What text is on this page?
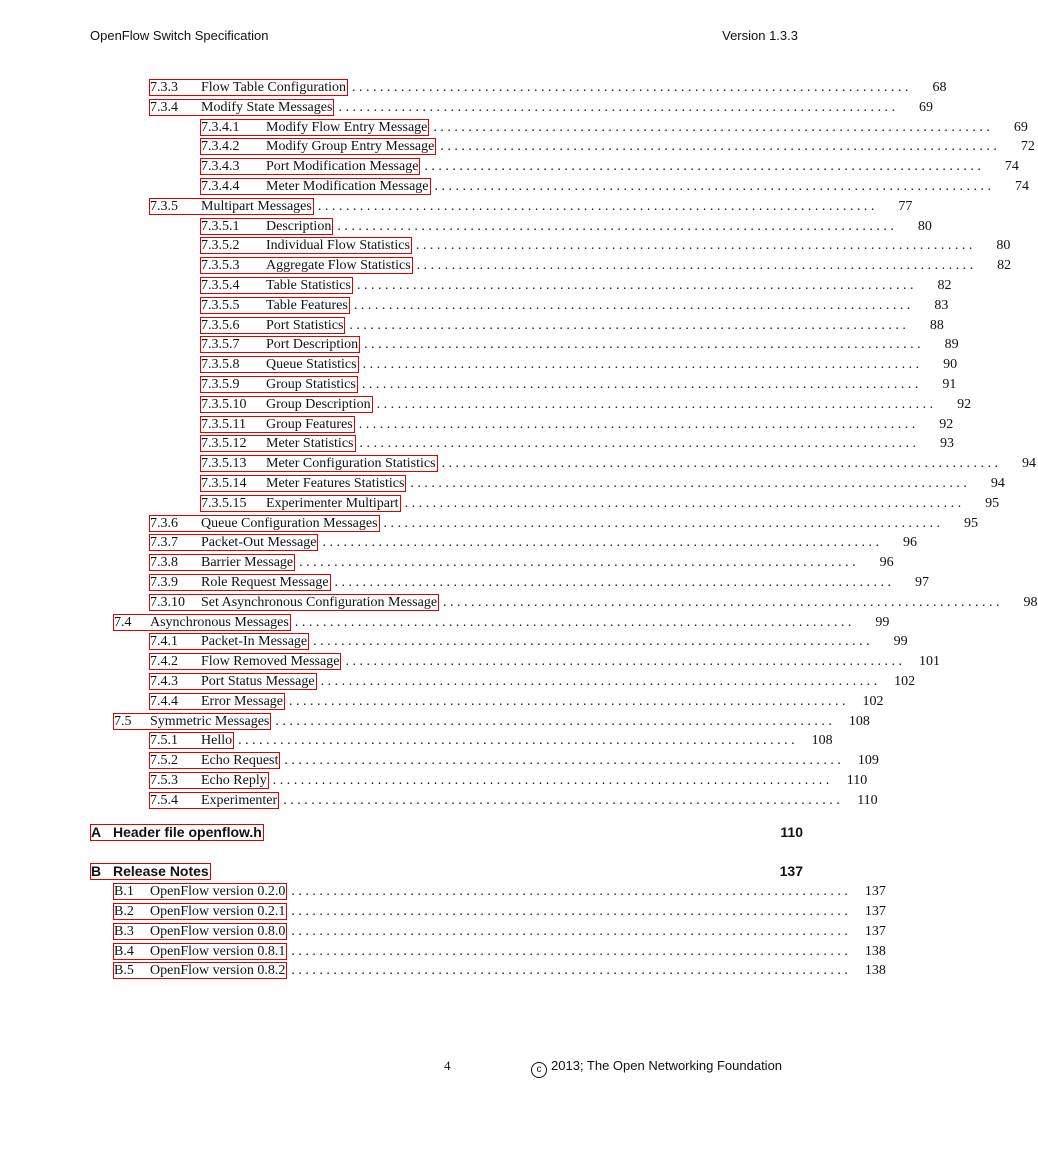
OpenFlow Switch Specification	Version 1.3.3
7.3.3	Flow Table Configuration . . . . . . . . . . . . . . . . . . . . . . . . . . . . . . . . . . . . . . . . . . . . . . . . . . . . . . . . . . . . . . . . . . . . . . . . . . . . . . . .	68
7.3.4	Modify State Messages . . . . . . . . . . . . . . . . . . . . . . . . . . . . . . . . . . . . . . . . . . . . . . . . . . . . . . . . . . . . . . . . . . . . . . . . . . . . . . . .	69
7.3.4.1	Modify Flow Entry Message . . . . . . . . . . . . . . . . . . . . . . . . . . . . . . . . . . . . . . . . . . . . . . . . . . . . . . . . . . . . . . . . . . . . . . . . . . . . . . . .	69
7.3.4.2	Modify Group Entry Message . . . . . . . . . . . . . . . . . . . . . . . . . . . . . . . . . . . . . . . . . . . . . . . . . . . . . . . . . . . . . . . . . . . . . . . . . . . . . . . .	72
7.3.4.3	Port Modification Message . . . . . . . . . . . . . . . . . . . . . . . . . . . . . . . . . . . . . . . . . . . . . . . . . . . . . . . . . . . . . . . . . . . . . . . . . . . . . . . .	74
7.3.4.4	Meter Modification Message . . . . . . . . . . . . . . . . . . . . . . . . . . . . . . . . . . . . . . . . . . . . . . . . . . . . . . . . . . . . . . . . . . . . . . . . . . . . . . . .	74
7.3.5	Multipart Messages . . . . . . . . . . . . . . . . . . . . . . . . . . . . . . . . . . . . . . . . . . . . . . . . . . . . . . . . . . . . . . . . . . . . . . . . . . . . . . . .	77
7.3.5.1	Description . . . . . . . . . . . . . . . . . . . . . . . . . . . . . . . . . . . . . . . . . . . . . . . . . . . . . . . . . . . . . . . . . . . . . . . . . . . . . . . .	80
7.3.5.2	Individual Flow Statistics . . . . . . . . . . . . . . . . . . . . . . . . . . . . . . . . . . . . . . . . . . . . . . . . . . . . . . . . . . . . . . . . . . . . . . . . . . . . . . . .	80
7.3.5.3	Aggregate Flow Statistics . . . . . . . . . . . . . . . . . . . . . . . . . . . . . . . . . . . . . . . . . . . . . . . . . . . . . . . . . . . . . . . . . . . . . . . . . . . . . . . .	82
7.3.5.4	Table Statistics . . . . . . . . . . . . . . . . . . . . . . . . . . . . . . . . . . . . . . . . . . . . . . . . . . . . . . . . . . . . . . . . . . . . . . . . . . . . . . . .	82
7.3.5.5	Table Features . . . . . . . . . . . . . . . . . . . . . . . . . . . . . . . . . . . . . . . . . . . . . . . . . . . . . . . . . . . . . . . . . . . . . . . . . . . . . . . .	83
7.3.5.6	Port Statistics . . . . . . . . . . . . . . . . . . . . . . . . . . . . . . . . . . . . . . . . . . . . . . . . . . . . . . . . . . . . . . . . . . . . . . . . . . . . . . . .	88
7.3.5.7	Port Description . . . . . . . . . . . . . . . . . . . . . . . . . . . . . . . . . . . . . . . . . . . . . . . . . . . . . . . . . . . . . . . . . . . . . . . . . . . . . . . .	89
7.3.5.8	Queue Statistics . . . . . . . . . . . . . . . . . . . . . . . . . . . . . . . . . . . . . . . . . . . . . . . . . . . . . . . . . . . . . . . . . . . . . . . . . . . . . . . .	90
7.3.5.9	Group Statistics . . . . . . . . . . . . . . . . . . . . . . . . . . . . . . . . . . . . . . . . . . . . . . . . . . . . . . . . . . . . . . . . . . . . . . . . . . . . . . . .	91
7.3.5.10	Group Description . . . . . . . . . . . . . . . . . . . . . . . . . . . . . . . . . . . . . . . . . . . . . . . . . . . . . . . . . . . . . . . . . . . . . . . . . . . . . . . .	92
7.3.5.11	Group Features . . . . . . . . . . . . . . . . . . . . . . . . . . . . . . . . . . . . . . . . . . . . . . . . . . . . . . . . . . . . . . . . . . . . . . . . . . . . . . . .	92
7.3.5.12	Meter Statistics . . . . . . . . . . . . . . . . . . . . . . . . . . . . . . . . . . . . . . . . . . . . . . . . . . . . . . . . . . . . . . . . . . . . . . . . . . . . . . . .	93
7.3.5.13	Meter Configuration Statistics . . . . . . . . . . . . . . . . . . . . . . . . . . . . . . . . . . . . . . . . . . . . . . . . . . . . . . . . . . . . . . . . . . . . . . . . . . . . . . . .	94
7.3.5.14	Meter Features Statistics . . . . . . . . . . . . . . . . . . . . . . . . . . . . . . . . . . . . . . . . . . . . . . . . . . . . . . . . . . . . . . . . . . . . . . . . . . . . . . . .	94
7.3.5.15	Experimenter Multipart . . . . . . . . . . . . . . . . . . . . . . . . . . . . . . . . . . . . . . . . . . . . . . . . . . . . . . . . . . . . . . . . . . . . . . . . . . . . . . . .	95
7.3.6	Queue Configuration Messages . . . . . . . . . . . . . . . . . . . . . . . . . . . . . . . . . . . . . . . . . . . . . . . . . . . . . . . . . . . . . . . . . . . . . . . . . . . . . . . .	95
7.3.7	Packet-Out Message . . . . . . . . . . . . . . . . . . . . . . . . . . . . . . . . . . . . . . . . . . . . . . . . . . . . . . . . . . . . . . . . . . . . . . . . . . . . . . . .	96
7.3.8	Barrier Message . . . . . . . . . . . . . . . . . . . . . . . . . . . . . . . . . . . . . . . . . . . . . . . . . . . . . . . . . . . . . . . . . . . . . . . . . . . . . . . .	96
7.3.9	Role Request Message . . . . . . . . . . . . . . . . . . . . . . . . . . . . . . . . . . . . . . . . . . . . . . . . . . . . . . . . . . . . . . . . . . . . . . . . . . . . . . . .	97
7.3.10	Set Asynchronous Configuration Message . . . . . . . . . . . . . . . . . . . . . . . . . . . . . . . . . . . . . . . . . . . . . . . . . . . . . . . . . . . . . . . . . . . . . . . . . . . . . . . .	98
7.4	Asynchronous Messages . . . . . . . . . . . . . . . . . . . . . . . . . . . . . . . . . . . . . . . . . . . . . . . . . . . . . . . . . . . . . . . . . . . . . . . . . . . . . . . .	99
7.4.1	Packet-In Message . . . . . . . . . . . . . . . . . . . . . . . . . . . . . . . . . . . . . . . . . . . . . . . . . . . . . . . . . . . . . . . . . . . . . . . . . . . . . . . .	99
7.4.2	Flow Removed Message . . . . . . . . . . . . . . . . . . . . . . . . . . . . . . . . . . . . . . . . . . . . . . . . . . . . . . . . . . . . . . . . . . . . . . . . . . . . . . . .	101
7.4.3	Port Status Message . . . . . . . . . . . . . . . . . . . . . . . . . . . . . . . . . . . . . . . . . . . . . . . . . . . . . . . . . . . . . . . . . . . . . . . . . . . . . . . .	102
7.4.4	Error Message . . . . . . . . . . . . . . . . . . . . . . . . . . . . . . . . . . . . . . . . . . . . . . . . . . . . . . . . . . . . . . . . . . . . . . . . . . . . . . . .	102
7.5	Symmetric Messages . . . . . . . . . . . . . . . . . . . . . . . . . . . . . . . . . . . . . . . . . . . . . . . . . . . . . . . . . . . . . . . . . . . . . . . . . . . . . . . .	108
7.5.1	Hello . . . . . . . . . . . . . . . . . . . . . . . . . . . . . . . . . . . . . . . . . . . . . . . . . . . . . . . . . . . . . . . . . . . . . . . . . . . . . . . .	108
7.5.2	Echo Request . . . . . . . . . . . . . . . . . . . . . . . . . . . . . . . . . . . . . . . . . . . . . . . . . . . . . . . . . . . . . . . . . . . . . . . . . . . . . . . .	109
7.5.3	Echo Reply . . . . . . . . . . . . . . . . . . . . . . . . . . . . . . . . . . . . . . . . . . . . . . . . . . . . . . . . . . . . . . . . . . . . . . . . . . . . . . . .	110
7.5.4	Experimenter . . . . . . . . . . . . . . . . . . . . . . . . . . . . . . . . . . . . . . . . . . . . . . . . . . . . . . . . . . . . . . . . . . . . . . . . . . . . . . . .	110
A Header file openflow.h	110
B Release Notes	137
B.1	OpenFlow version 0.2.0 . . . . . . . . . . . . . . . . . . . . . . . . . . . . . . . . . . . . . . . . . . . . . . . . . . . . . . . . . . . . . . . . . . . . . . . . . . . . . . . .	137
B.2	OpenFlow version 0.2.1 . . . . . . . . . . . . . . . . . . . . . . . . . . . . . . . . . . . . . . . . . . . . . . . . . . . . . . . . . . . . . . . . . . . . . . . . . . . . . . . .	137
B.3	OpenFlow version 0.8.0 . . . . . . . . . . . . . . . . . . . . . . . . . . . . . . . . . . . . . . . . . . . . . . . . . . . . . . . . . . . . . . . . . . . . . . . . . . . . . . . .	137
B.4	OpenFlow version 0.8.1 . . . . . . . . . . . . . . . . . . . . . . . . . . . . . . . . . . . . . . . . . . . . . . . . . . . . . . . . . . . . . . . . . . . . . . . . . . . . . . . .	138
B.5	OpenFlow version 0.8.2 . . . . . . . . . . . . . . . . . . . . . . . . . . . . . . . . . . . . . . . . . . . . . . . . . . . . . . . . . . . . . . . . . . . . . . . . . . . . . . . .	138
4	c 2013; The Open Networking Foundation
